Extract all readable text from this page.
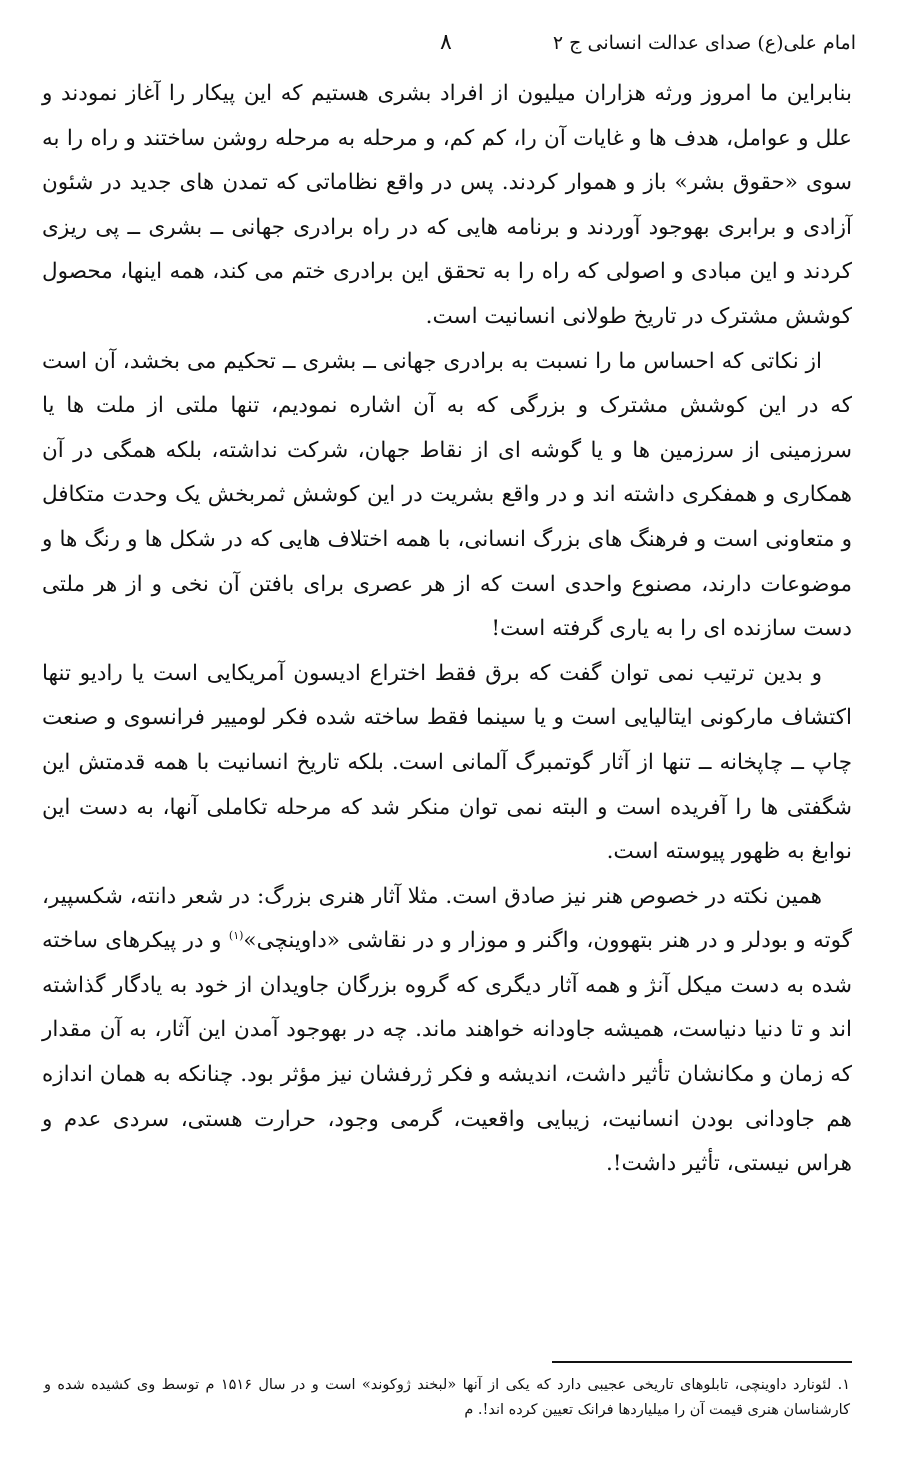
امام علی(ع) صدای عدالت انسانی ج ۲
۸

بنابراین ما امروز ورثه هزاران میلیون از افراد بشری هستیم که این پیکار را آغاز نمودند و علل و عوامل، هدف ها و غایات آن را، کم کم، و مرحله به مرحله روشن ساختند و راه را به سوی «حقوق بشر» باز و هموار کردند. پس در واقع نظاماتی که تمدن های جدید در شئون آزادی و برابری بهوجود آوردند و برنامه هایی که در راه برادری جهانی ــ بشری ــ پی ریزی کردند و این مبادی و اصولی که راه را به تحقق این برادری ختم می کند، همه اینها، محصول کوشش مشترک در تاریخ طولانی انسانیت است.

از نکاتی که احساس ما را نسبت به برادری جهانی ــ بشری ــ تحکیم می بخشد، آن است که در این کوشش مشترک و بزرگی که به آن اشاره نمودیم، تنها ملتی از ملت ها یا سرزمینی از سرزمین ها و یا گوشه ای از نقاط جهان، شرکت نداشته، بلکه همگی در آن همکاری و همفکری داشته اند و در واقع بشریت در این کوشش ثمربخش یک وحدت متکافل و متعاونی است و فرهنگ های بزرگ انسانی، با همه اختلاف هایی که در شکل ها و رنگ ها و موضوعات دارند، مصنوع واحدی است که از هر عصری برای بافتن آن نخی و از هر ملتی دست سازنده ای را به یاری گرفته است!

و بدین ترتیب نمی توان گفت که برق فقط اختراع ادیسون آمریکایی است یا رادیو تنها اکتشاف مارکونی ایتالیایی است و یا سینما فقط ساخته شده فکر لومییر فرانسوی و صنعت چاپ ــ چاپخانه ــ تنها از آثار گوتمبرگ آلمانی است. بلکه تاریخ انسانیت با همه قدمتش این شگفتی ها را آفریده است و البته نمی توان منکر شد که مرحله تکاملی آنها، به دست این نوابغ به ظهور پیوسته است.

همین نکته در خصوص هنر نیز صادق است. مثلا آثار هنری بزرگ: در شعر دانته، شکسپیر، گوته و بودلر و در هنر بتهوون، واگنر و موزار و در نقاشی «داوینچی»$^{(۱)}$ و در پیکرهای ساخته شده به دست میکل آنژ و همه آثار دیگری که گروه بزرگان جاویدان از خود به یادگار گذاشته اند و تا دنیا دنیاست، همیشه جاودانه خواهند ماند. چه در بهوجود آمدن این آثار، به آن مقدار که زمان و مکانشان تأثیر داشت، اندیشه و فکر ژرفشان نیز مؤثر بود. چنانکه به همان اندازه هم جاودانی بودن انسانیت، زیبایی واقعیت، گرمی وجود، حرارت هستی، سردی عدم و هراس نیستی، تأثیر داشت!.

۱. لئونارد داوینچی، تابلوهای تاریخی عجیبی دارد که یکی از آنها «لبخند ژوکوند» است و در سال ۱۵۱۶ م توسط وی کشیده شده و کارشناسان هنری قیمت آن را میلیاردها فرانک تعیین کرده اند!. م
